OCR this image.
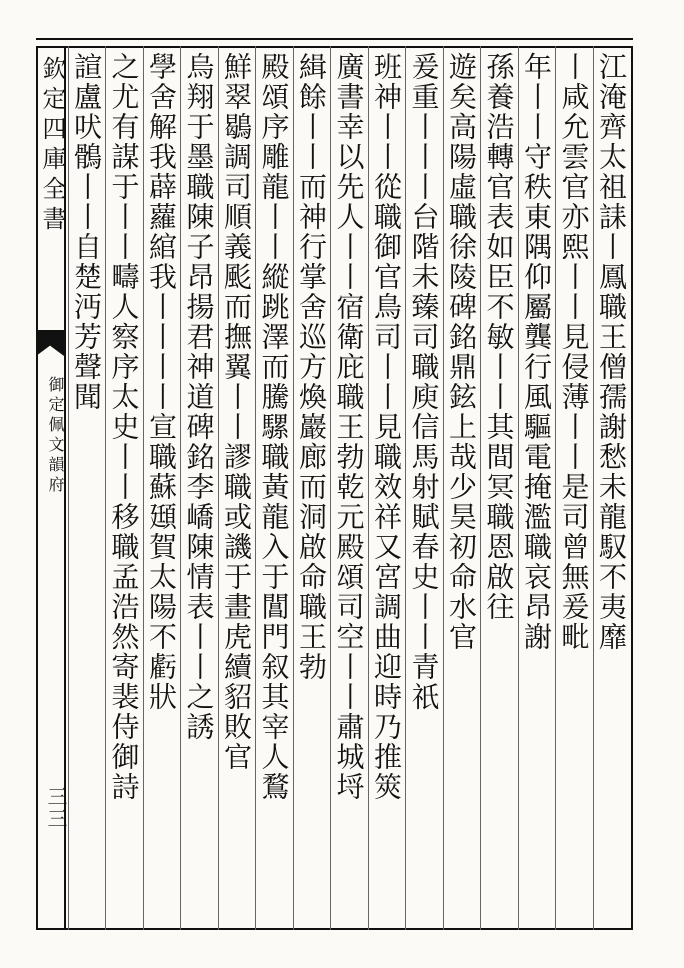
欽定四庫全書
御定佩文韻府
三三
江淹齊太祖誄丨鳳職王僧孺謝愁未龍馭不夷靡
丨咸允雲官亦熙丨丨見侵薄丨丨是司曾無爰毗
年丨丨守秩東隅仰屬龔行風驅電掩濫職哀昂謝
孫養浩轉官表如臣不敏丨丨其間冥職恩啟往
遊矣高陽虛職徐陵碑銘鼎鉉上哉少昊初命水官
爰重丨丨丨台階未臻司職庾信馬射賦春史丨丨青祇
班神丨丨從職御官鳥司丨丨見職效祥又宮調曲迎時乃推筴
廣書幸以先人丨丨宿衛庇職王勃乾元殿頌司空丨丨肅城埒
緝餘丨丨而神行掌舍巡方煥巖廊而洞啟命職王勃
殿頌序雕龍丨丨縱跳澤而騰騾職黃龍入于閶門叙其宰人鶩
鮮翠鶡調司順義颩而撫翼丨丨謬職或譏于畫虎續貂敗官
烏翔于墨職陳子昂揚君神道碑銘李嶠陳情表丨丨之誘
學舍解我薜蘿綰我丨丨丨丨宣職蘇頲賀太陽不虧狀
之尤有謀于丨丨疇人察序太史丨丨移職孟浩然寄裴侍御詩
諠盧吠鶻丨丨自楚沔芳聲聞
